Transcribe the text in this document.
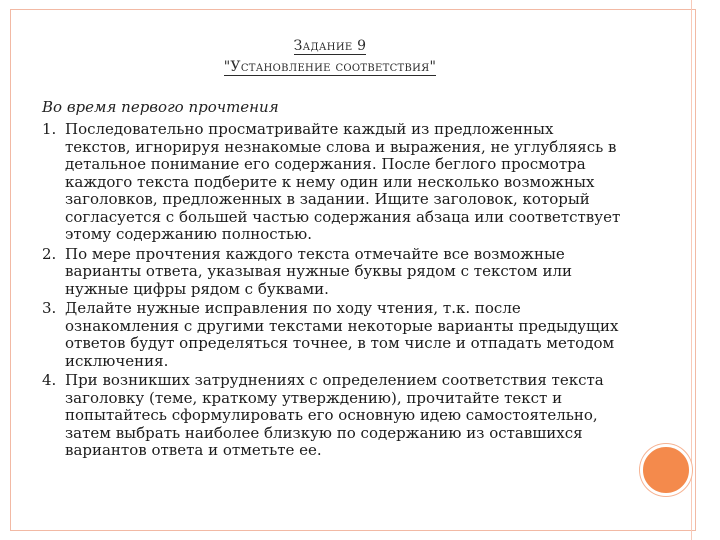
Задание 9
"Установление соответствия"
Во время первого прочтения
1. Последовательно просматривайте каждый из предложенных текстов, игнорируя незнакомые слова и выражения, не углубляясь в детальное понимание его содержания. После беглого просмотра каждого текста подберите к нему один или несколько возможных заголовков, предложенных в задании. Ищите заголовок, который согласуется с большей частью содержания абзаца или соответствует этому содержанию полностью.
2. По мере прочтения каждого текста отмечайте все возможные варианты ответа, указывая нужные буквы рядом с текстом или нужные цифры рядом с буквами.
3. Делайте нужные исправления по ходу чтения, т.к. после ознакомления с другими текстами некоторые варианты предыдущих ответов будут определяться точнее, в том числе и отпадать методом исключения.
4. При возникших затруднениях с определением соответствия текста заголовку (теме, краткому утверждению), прочитайте текст и попытайтесь сформулировать его основную идею самостоятельно, затем выбрать наиболее близкую по содержанию из оставшихся вариантов ответа и отметьте ее.
